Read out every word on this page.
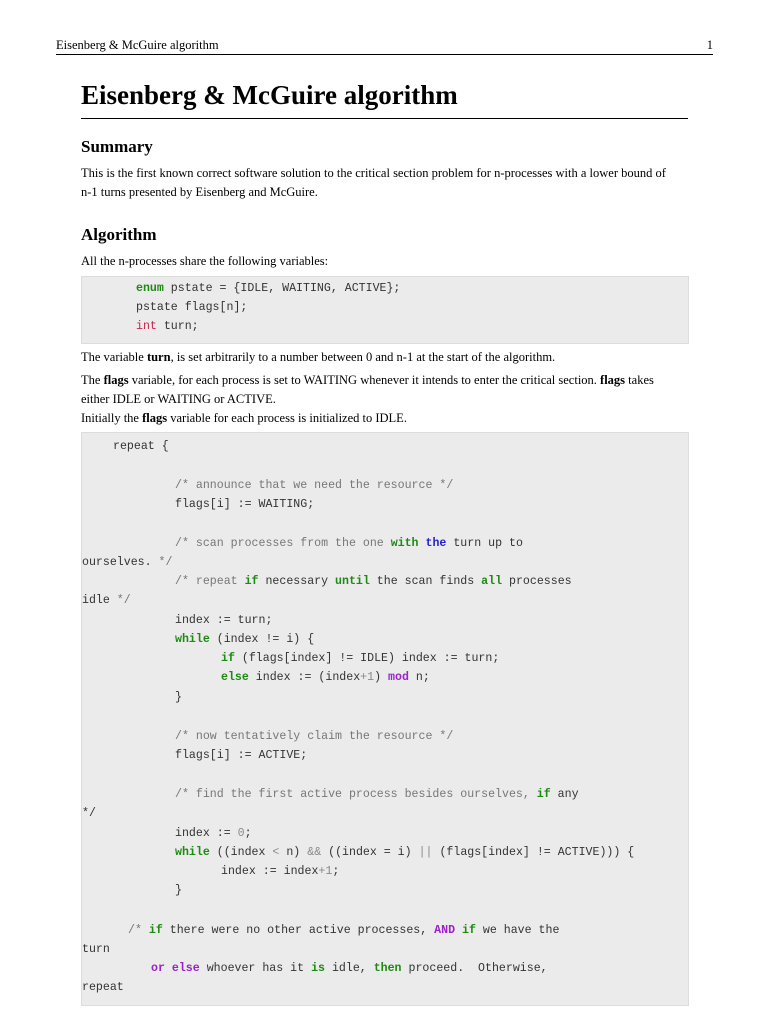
Eisenberg & McGuire algorithm	1
Eisenberg & McGuire algorithm
Summary

This is the first known correct software solution to the critical section problem for n-processes with a lower bound of

n-1 turns presented by Eisenberg and McGuire.

Algorithm

All the n-processes share the following variables:

enum pstate = {IDLE, WAITING, ACTIVE};
pstate flags[n];
int turn;

The variable turn, is set arbitrarily to a number between 0 and n-1 at the start of the algorithm.

The flags variable, for each process is set to WAITING whenever it intends to enter the critical section. flags takes

either IDLE or WAITING or ACTIVE.

Initially the flags variable for each process is initialized to IDLE.

repeat {
/* announce that we need the resource */
flags[i] := WAITING;
/* scan processes from the one with the turn up to
ourselves. */
/* repeat if necessary until the scan finds all processes
idle */
index := turn;
while (index != i) {
if (flags[index] != IDLE) index := turn;
else index := (index+1) mod n;
}
/* now tentatively claim the resource */
flags[i] := ACTIVE;
/* find the first active process besides ourselves, if any
*/
index := 0;
while ((index < n) && ((index = i) || (flags[index] != ACTIVE))) {
index := index+1;
}
/* if there were no other active processes, AND if we have the
turn
or else whoever has it is idle, then proceed.  Otherwise,
repeat
